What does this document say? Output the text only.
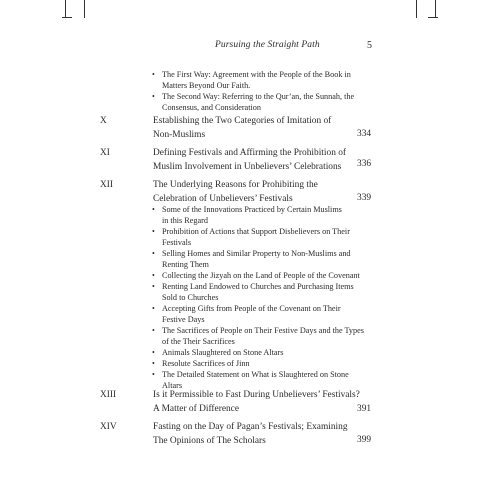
Pursuing the Straight Path	5
• The First Way: Agreement with the People of the Book in
Matters Beyond Our Faith.
• The Second Way: Referring to the Qur’an, the Sunnah, the
Consensus, and Consideration
X	Establishing the Two Categories of Imitation of
Non-Muslims	334
XI	Defining Festivals and Affirming the Prohibition of
Muslim Involvement in Unbelievers’ Celebrations	336
XII	The Underlying Reasons for Prohibiting the
Celebration of Unbelievers’ Festivals	339
• Some of the Innovations Practiced by Certain Muslims
in this Regard
• Prohibition of Actions that Support Disbelievers on Their
Festivals
• Selling Homes and Similar Property to Non-Muslims and
Renting Them
• Collecting the Jizyah on the Land of People of the Covenant
• Renting Land Endowed to Churches and Purchasing Items
Sold to Churches
• Accepting Gifts from People of the Covenant on Their
Festive Days
• The Sacrifices of People on Their Festive Days and the Types
of the Their Sacrifices
• Animals Slaughtered on Stone Altars
• Resolute Sacrifices of Jinn
• The Detailed Statement on What is Slaughtered on Stone
Altars
XIII	Is it Permissible to Fast During Unbelievers’ Festivals?
A Matter of Difference	391
XIV	Fasting on the Day of Pagan’s Festivals; Examining
The Opinions of The Scholars	399
